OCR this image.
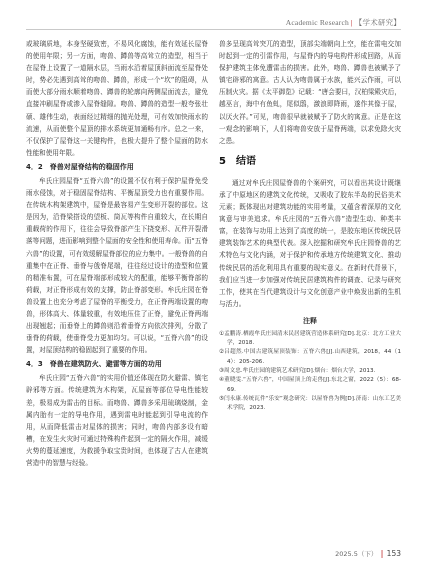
Academic Research | 【学术研究】

或玻璃质地，本身坚硬致密，不易风化腐蚀，能有效延长屋脊的使用年限；另一方面，吻兽、蹲兽等高耸立的造型，相当于在屋脊上设置了一道隔水层，当雨水沿着屋顶斜面流至屋脊处时，势必先遇到高耸的吻兽、蹲兽，形成一个“坎”的阻碍，从而使大部分雨水顺着吻兽、蹲兽的轮廓向两侧屋面流去，避免直接冲刷屋脊或渗入屋脊缝隙。吻兽、蹲兽的造型一般夸张壮硕、雄伟生动，表面经过精细的抛光处理，可有效加快雨水的流速，从而使整个屋顶的排水系统更加通畅有序。总之一来，不仅保护了屋脊这一关键构件，也极大提升了整个屋面的防水性能和使用年限。

4．2　脊兽对屋脊结构的稳固作用

牟氏庄园屋脊“五脊六兽”的设置不仅有利于保护屋脊免受雨水侵蚀，对于稳固屋脊结构、平衡屋顶受力也有重要作用。在传统木构架建筑中，屋脊是最容易产生变形开裂的部位。这是因为，沿脊梁搭设的望板、筒瓦等构件自重较大，在长期自重载荷的作用下，往往会导致脊部产生下挠变形、瓦件开裂滑落等问题，进而影响到整个屋面的安全性和使用寿命。而“五脊六兽”的设置，可有效缓解屋脊部位的应力集中。一般脊兽的自重集中在正脊、垂脊与戗脊尾端，往往经过设计的造型和位置的精准布置，可在屋脊端部形成较大的配重，能够平衡脊部的荷载，对正脊形成有效的支撑，防止脊部变形。牟氏庄园在脊兽设置上也充分考虑了屋脊的平衡受力，在正脊两端设置的吻兽，形体高大、体量较重，有效地压住了正脊，避免正脊两端出现翘起；而垂脊上的蹲兽则沿着垂脊方向依次排列，分散了垂脊的荷载，使垂脊受力更加均匀。可以说，“五脊六兽”的设置，对屋顶结构的稳固起到了重要的作用。

4．3　脊兽在建筑防火、避雷等方面的功用

牟氏庄园“五脊六兽”的实用价值还体现在防火避雷、镇宅辟邪等方面。传统建筑为木构架，瓦屋面等部位导电性能较差，极易成为雷击的目标。而吻兽、蹲兽多采用琉璃烧制，金属内胎有一定的导电作用，遇到雷电时能起到引导电流的作用，从而降低雷击对屋体的损害；同时，吻兽内部多设有暗槽，在发生火灾时可通过特殊构件起到一定的隔火作用，减缓火势的蔓延速度，为救援争取宝贵时间，也体现了古人在建筑营造中的智慧与经验。

兽多呈现高耸突兀的造型，顶部尖端朝向上空，能在雷电交加时起到一定的引雷作用，与屋脊内的导电构件形成回路，从而保护建筑主体免遭雷击的损害。此外，吻兽、蹲兽也被赋予了镇宅辟邪的寓意。古人认为吻兽属于水族，能兴云作雨，可以压制火灾。据《太平御览》记载：“唐会要曰，汉柏梁殿灾后，越巫言，海中有鱼虬，尾似鸱，激浪即降雨，遂作其像于屋，以厌火祥。”可见，吻兽很早就被赋予了防火的寓意。正是在这一观念的影响下，人们将吻兽安放于屋脊两端，以求免除火灾之患。

5　结语

通过对牟氏庄园屋脊兽的个案研究，可以看出其设计既继承了中原地区的建筑文化传统，又吸收了胶东半岛的民俗美术元素；既体现出对建筑功能的实用考量，又蕴含着深厚的文化寓意与审美追求。牟氏庄园的“五脊六兽”造型生动、种类丰富，在装饰与功用上达到了高度的统一，是胶东地区传统民居建筑装饰艺术的典型代表。深入挖掘和研究牟氏庄园脊兽的艺术特色与文化内涵，对于保护和传承地方传统建筑文化、推动传统民居的活化利用具有重要的现实意义。在新时代背景下，我们应当进一步加强对传统民居建筑构件的调查、记录与研究工作，使其在当代建筑设计与文化创意产业中焕发出新的生机与活力。

注释
①孟鹏涛.栖霞牟氏庄园清末民居建筑营造体系研究[D].北京：北方工业大学，2018.
②吕超然.中国古建筑屋顶装饰：五脊六兽[J].山西建筑，2018，44（14）：205-206.
③周文忠.牟氏庄园的建筑艺术研究[D].烟台：烟台大学，2013.
④董晓雯.“五脊六兽”，中国屋顶上的走兽[J].东北之窗，2022（5）：68-69.
⑤闫永康.传统瓦件“乐安”观念研究：以屋脊兽为例[D].济南：山东工艺美术学院，2023.
2025.5（下） | 153
